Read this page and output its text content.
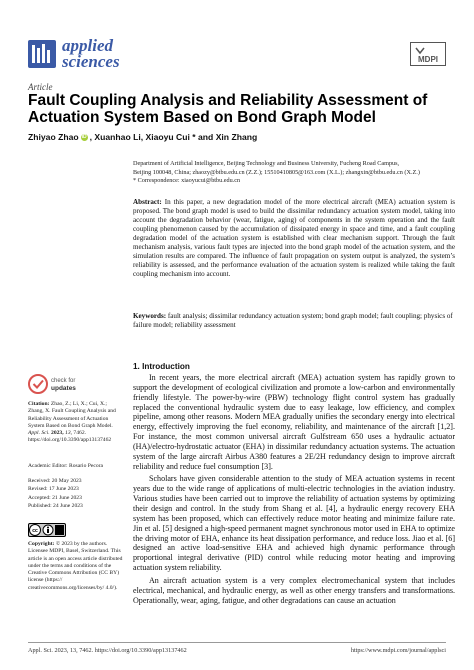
applied
sciences	MDPI
Article
Fault Coupling Analysis and Reliability Assessment of Actuation System Based on Bond Graph Model
Zhiyao Zhao iD , Xuanhao Li, Xiaoyu Cui * and Xin Zhang
Department of Artificial Intelligence, Beijing Technology and Business University, Fucheng Road Campus,
Beijing 100048, China; zhaozy@btbu.edu.cn (Z.Z.); 15510410805@163.com (X.L.); zhangxin@btbu.edu.cn (X.Z.)
* Correspondence: xiaoyucui@btbu.edu.cn
Abstract: In this paper, a new degradation model of the more electrical aircraft (MEA) actuation system is proposed. The bond graph model is used to build the dissimilar redundancy actuation system model, taking into account the degradation behavior (wear, fatigue, aging) of components in the system operation and the fault coupling phenomenon caused by the accumulation of dissipated energy in space and time, and a fault coupling degradation model of the actuation system is established with clear mechanism support. Through the fault mechanism analysis, various fault types are injected into the bond graph model of the actuation system, and the simulation results are compared. The influence of fault propagation on system output is analyzed, the system’s reliability is assessed, and the performance evaluation of the actuation system is realized while taking the fault coupling mechanism into account.
Keywords: fault analysis; dissimilar redundancy actuation system; bond graph model; fault coupling; physics of failure model; reliability assessment
check for
updates
Citation: Zhao, Z.; Li, X.; Cui, X.; Zhang, X. Fault Coupling Analysis and Reliability Assessment of Actuation System Based on Bond Graph Model. Appl. Sci. 2023, 13, 7462. https://doi.org/10.3390/app13137462
Academic Editor: Rosario Pecora
Received: 20 May 2023
Revised: 17 June 2023
Accepted: 21 June 2023
Published: 24 June 2023
cc
Copyright: © 2023 by the authors. Licensee MDPI, Basel, Switzerland. This article is an open access article distributed under the terms and conditions of the Creative Commons Attribution (CC BY) license (https:// creativecommons.org/licenses/by/ 4.0/).
1. Introduction

In recent years, the more electrical aircraft (MEA) actuation system has rapidly grown to support the development of ecological civilization and promote a low-carbon and environmentally friendly lifestyle. The power-by-wire (PBW) technology flight control system has gradually replaced the conventional hydraulic system due to easy leakage, low efficiency, and complex pipeline, among other reasons. Modern MEA gradually unifies the secondary energy into electrical energy, effectively improving the fuel economy, reliability, and maintenance of the aircraft [1,2]. For instance, the most common universal aircraft Gulfstream 650 uses a hydraulic actuator (HA)/electro-hydrostatic actuator (EHA) in dissimilar redundancy actuation systems. The actuation system of the large aircraft Airbus A380 features a 2E/2H redundancy design to improve aircraft reliability and reduce fuel consumption [3].

Scholars have given considerable attention to the study of MEA actuation systems in recent years due to the wide range of applications of multi-electric technologies in the aviation industry. Various studies have been carried out to improve the reliability of actuation systems by optimizing their design and control. In the study from Shang et al. [4], a hydraulic energy recovery EHA system has been proposed, which can effectively reduce motor heating and minimize failure rate. Jin et al. [5] designed a high-speed permanent magnet synchronous motor used in EHA to optimize the driving motor of EHA, enhance its heat dissipation performance, and reduce loss. Jiao et al. [6] designed an active load-sensitive EHA and achieved high dynamic performance through proportional integral derivative (PID) control while reducing motor heating and improving actuation system reliability.

An aircraft actuation system is a very complex electromechanical system that includes electrical, mechanical, and hydraulic energy, as well as other energy transfers and transformations. Operationally, wear, aging, fatigue, and other degradations can cause an actuation

Appl. Sci. 2023, 13, 7462. https://doi.org/10.3390/app13137462	https://www.mdpi.com/journal/applsci
